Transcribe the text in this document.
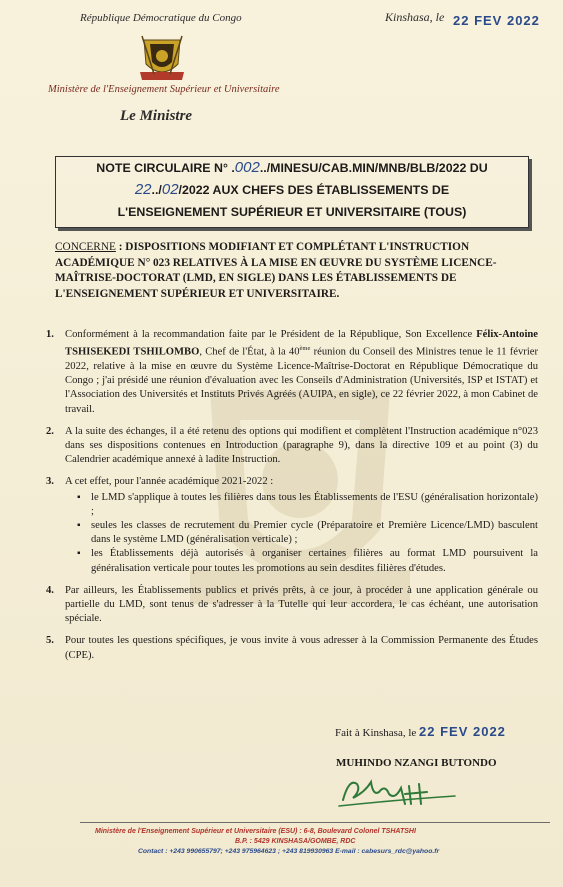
République Démocratique du Congo	Kinshasa, le 22 FEV 2022
Ministère de l'Enseignement Supérieur et Universitaire
Le Ministre
NOTE CIRCULAIRE N° .002../MINESU/CAB.MIN/MNB/BLB/2022 DU
22../02/2022 AUX CHEFS DES ÉTABLISSEMENTS DE
L'ENSEIGNEMENT SUPÉRIEUR ET UNIVERSITAIRE (TOUS)
CONCERNE : DISPOSITIONS MODIFIANT ET COMPLÉTANT L'INSTRUCTION ACADÉMIQUE N° 023 RELATIVES À LA MISE EN ŒUVRE DU SYSTÈME LICENCE-MAÎTRISE-DOCTORAT (LMD, EN SIGLE) DANS LES ÉTABLISSEMENTS DE L'ENSEIGNEMENT SUPÉRIEUR ET UNIVERSITAIRE.
1. Conformément à la recommandation faite par le Président de la République, Son Excellence Félix-Antoine TSHISEKEDI TSHILOMBO, Chef de l'État, à la 40ème réunion du Conseil des Ministres tenue le 11 février 2022, relative à la mise en œuvre du Système Licence-Maîtrise-Doctorat en République Démocratique du Congo ; j'ai présidé une réunion d'évaluation avec les Conseils d'Administration (Universités, ISP et ISTAT) et l'Association des Universités et Instituts Privés Agréés (AUIPA, en sigle), ce 22 février 2022, à mon Cabinet de travail.
2. A la suite des échanges, il a été retenu des options qui modifient et complètent l'Instruction académique n°023 dans ses dispositions contenues en Introduction (paragraphe 9), dans la directive 109 et au point (3) du Calendrier académique annexé à ladite Instruction.
3. A cet effet, pour l'année académique 2021-2022 :
▪ le LMD s'applique à toutes les filières dans tous les Établissements de l'ESU (généralisation horizontale) ;
▪ seules les classes de recrutement du Premier cycle (Préparatoire et Première Licence/LMD) basculent dans le système LMD (généralisation verticale) ;
▪ les Établissements déjà autorisés à organiser certaines filières au format LMD poursuivent la généralisation verticale pour toutes les promotions au sein desdites filières d'études.
4. Par ailleurs, les Établissements publics et privés prêts, à ce jour, à procéder à une application générale ou partielle du LMD, sont tenus de s'adresser à la Tutelle qui leur accordera, le cas échéant, une autorisation spéciale.
5. Pour toutes les questions spécifiques, je vous invite à vous adresser à la Commission Permanente des Études (CPE).
Fait à Kinshasa, le 22 FEV 2022
MUHINDO NZANGI BUTONDO
Ministère de l'Enseignement Supérieur et Universitaire (ESU) : 6-8, Boulevard Colonel TSHATSHI
B.P. : 5429 KINSHASA/GOMBE, RDC
Contact : +243 990655797; +243 975964623 ; +243 819930963 E-mail : cabesurs_rdc@yahoo.fr
